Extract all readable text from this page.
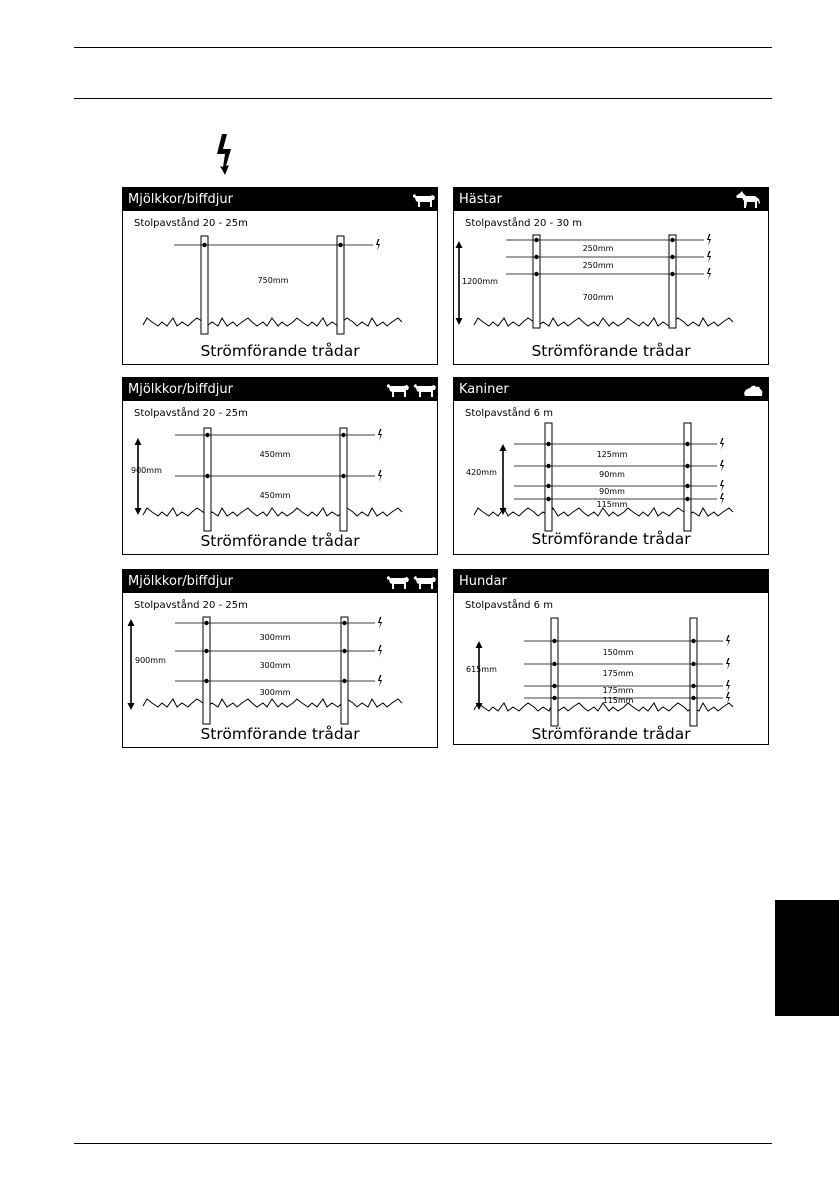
Mjölkkor/biffdjur
Stolpavstånd 20 - 25m
750mm
Strömförande trådar
Hästar
Stolpavstånd 20 - 30 m
1200mm
250mm
250mm
700mm
Strömförande trådar
Mjölkkor/biffdjur
Stolpavstånd 20 - 25m
900mm
450mm
450mm
Strömförande trådar
Kaniner
Stolpavstånd 6 m
420mm
125mm
90mm
90mm
115mm
Strömförande trådar
Mjölkkor/biffdjur
Stolpavstånd 20 - 25m
900mm
300mm
300mm
300mm
Strömförande trådar
Hundar
Stolpavstånd 6 m
615mm
150mm
175mm
175mm
115mm
Strömförande trådar
